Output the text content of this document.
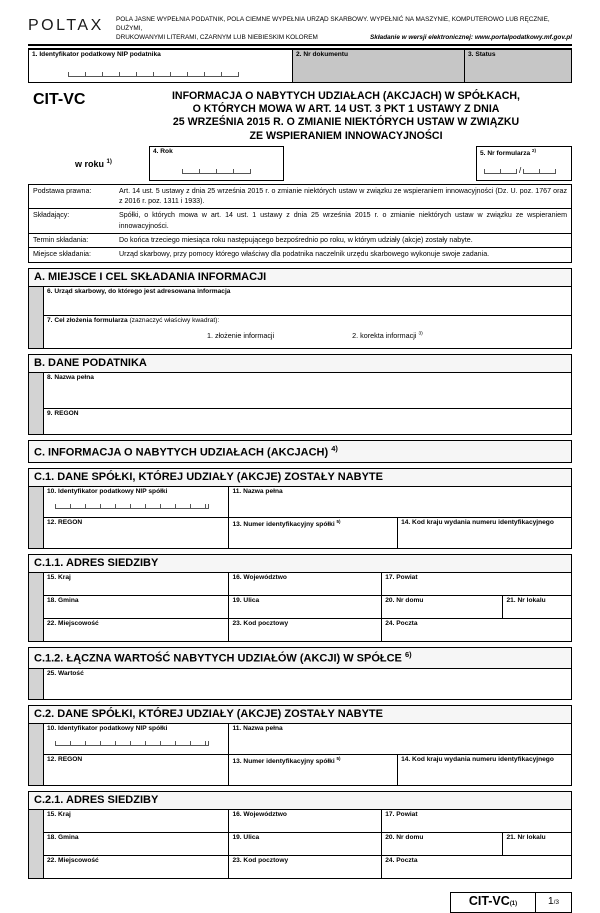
POLTAX	POLA JASNE WYPEŁNIA PODATNIK, POLA CIEMNE WYPEŁNIA URZĄD SKARBOWY. WYPEŁNIĆ NA MASZYNIE, KOMPUTEROWO LUB RĘCZNIE, DUŻYMI,
DRUKOWANYMI LITERAMI, CZARNYM LUB NIEBIESKIM KOLOREM	Składanie w wersji elektronicznej: www.portalpodatkowy.mf.gov.pl
1. Identyfikator podatkowy NIP podatnika	2. Nr dokumentu	3. Status
CIT-VC	INFORMACJA O NABYTYCH UDZIAŁACH (AKCJACH) W SPÓŁKACH,
O KTÓRYCH MOWA W ART. 14 UST. 3 PKT 1 USTAWY Z DNIA
25 WRZEŚNIA 2015 R. O ZMIANIE NIEKTÓRYCH USTAW W ZWIĄZKU
ZE WSPIERANIEM INNOWACYJNOŚCI
w roku $^{1)}$
4. Rok	5. Nr formularza $^{2)}$
/
Podstawa prawna:	Art. 14 ust. 5 ustawy z dnia 25 września 2015 r. o zmianie niektórych ustaw w związku ze wspieraniem innowacyjności (Dz. U. poz. 1767 oraz z 2016 r. poz. 1311 i 1933).
Składający:	Spółki, o których mowa w art. 14 ust. 1 ustawy z dnia 25 września 2015 r. o zmianie niektórych ustaw w związku ze wspieraniem innowacyjności.
Termin składania:	Do końca trzeciego miesiąca roku następującego bezpośrednio po roku, w którym udziały (akcje) zostały nabyte.
Miejsce składania:	Urząd skarbowy, przy pomocy którego właściwy dla podatnika naczelnik urzędu skarbowego wykonuje swoje zadania.
A. MIEJSCE I CEL SKŁADANIA INFORMACJI
6. Urząd skarbowy, do którego jest adresowana informacja
7. Cel złożenia formularza (zaznaczyć właściwy kwadrat):
1. złożenie informacji	2. korekta informacji $^{3)}$
B. DANE PODATNIKA
8. Nazwa pełna
9. REGON
C. INFORMACJA O NABYTYCH UDZIAŁACH (AKCJACH) $^{4)}$
C.1. DANE SPÓŁKI, KTÓREJ UDZIAŁY (AKCJE) ZOSTAŁY NABYTE
10. Identyfikator podatkowy NIP spółki	11. Nazwa pełna
12. REGON	13. Numer identyfikacyjny spółki $^{5)}$	14. Kod kraju wydania numeru identyfikacyjnego
C.1.1. ADRES SIEDZIBY
15. Kraj	16. Województwo	17. Powiat
18. Gmina	19. Ulica	20. Nr domu	21. Nr lokalu
22. Miejscowość	23. Kod pocztowy	24. Poczta
C.1.2. ŁĄCZNA WARTOŚĆ NABYTYCH UDZIAŁÓW (AKCJI) W SPÓŁCE $^{6)}$
25. Wartość
C.2. DANE SPÓŁKI, KTÓREJ UDZIAŁY (AKCJE) ZOSTAŁY NABYTE
10. Identyfikator podatkowy NIP spółki	11. Nazwa pełna
12. REGON	13. Numer identyfikacyjny spółki $^{5)}$	14. Kod kraju wydania numeru identyfikacyjnego
C.2.1. ADRES SIEDZIBY
15. Kraj	16. Województwo	17. Powiat
18. Gmina	19. Ulica	20. Nr domu	21. Nr lokalu
22. Miejscowość	23. Kod pocztowy	24. Poczta
CIT-VC(1)	1/3
